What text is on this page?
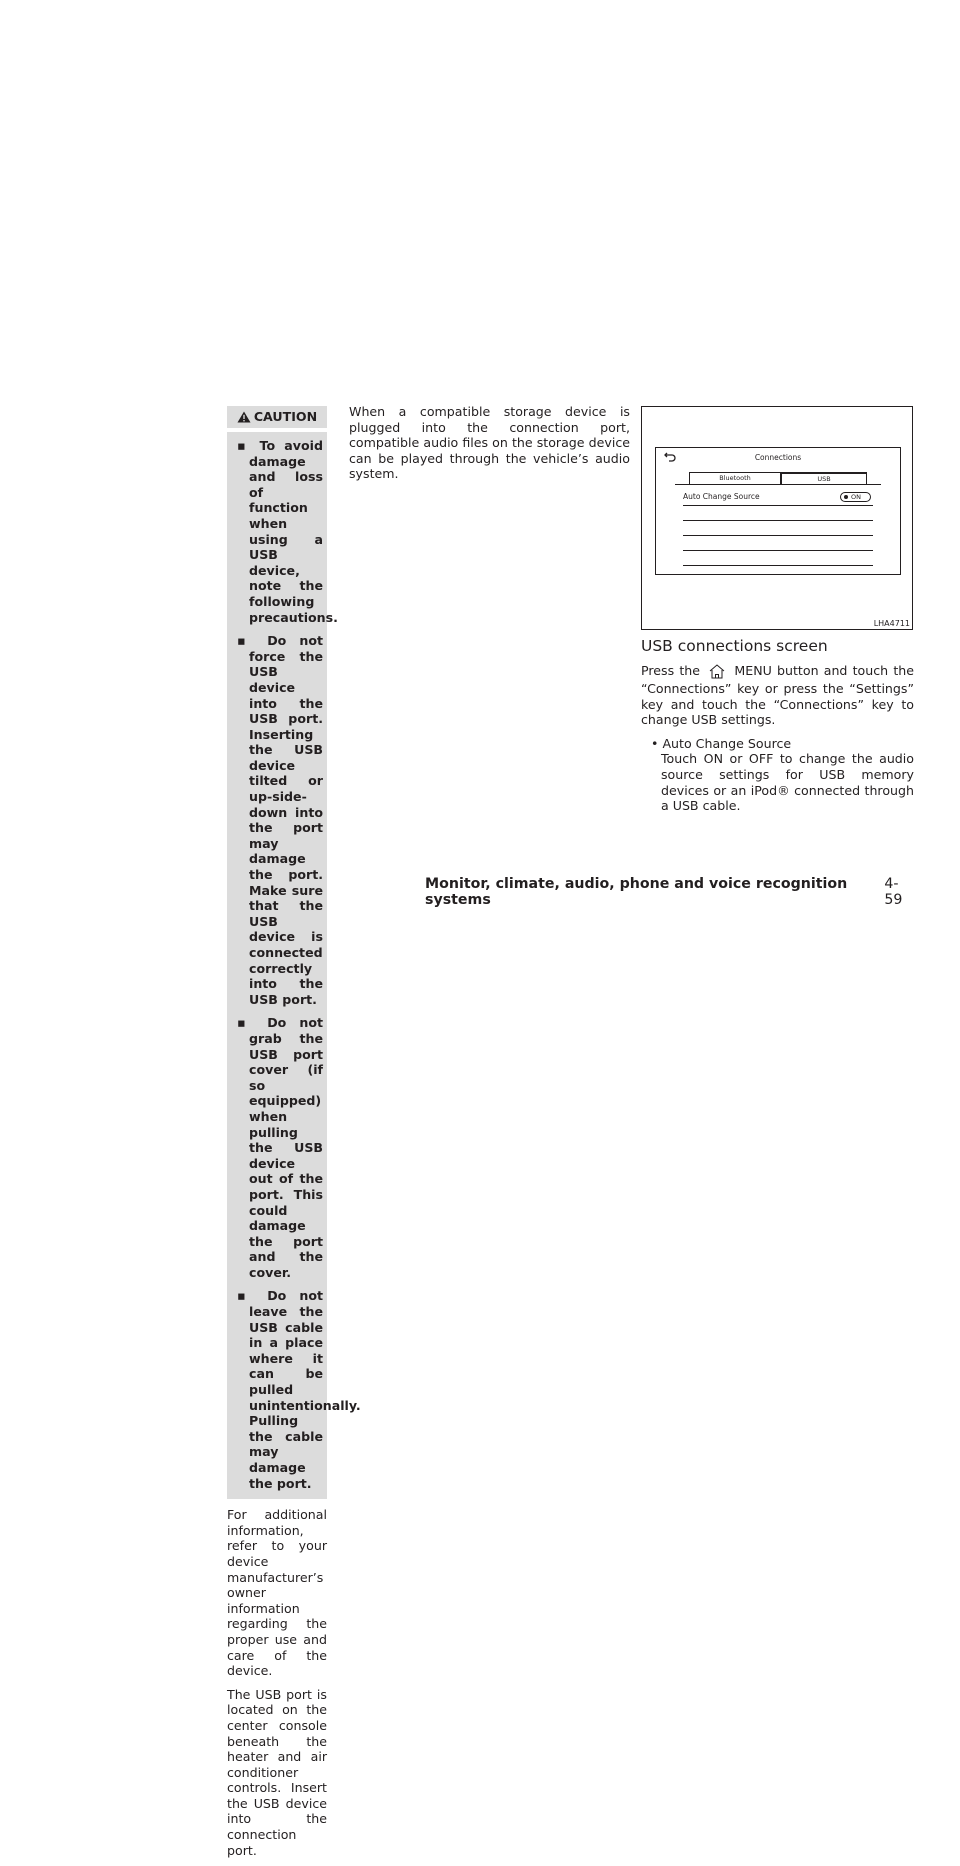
CAUTION
▪ To avoid damage and loss of function when using a USB device, note the following precautions.
▪ Do not force the USB device into the USB port. Inserting the USB device tilted or up-side-down into the port may damage the port. Make sure that the USB device is connected correctly into the USB port.
▪ Do not grab the USB port cover (if so equipped) when pulling the USB device out of the port. This could damage the port and the cover.
▪ Do not leave the USB cable in a place where it can be pulled unintentionally. Pulling the cable may damage the port.

For additional information, refer to your device manufacturer’s owner information regarding the proper use and care of the device.

The USB port is located on the center console beneath the heater and air conditioner controls. Insert the USB device into the connection port.

When a compatible storage device is plugged into the connection port, compatible audio files on the storage device can be played through the vehicle’s audio system.

Connections
Bluetooth	USB
Auto Change Source	ON
LHA4711
USB connections screen

Press the	MENU button and touch the “Connections” key or press the “Settings” key and touch the “Connections” key to change USB settings.

• Auto Change Source
Touch ON or OFF to change the audio source settings for USB memory devices or an iPod® connected through a USB cable.
Monitor, climate, audio, phone and voice recognition systems
4-59
